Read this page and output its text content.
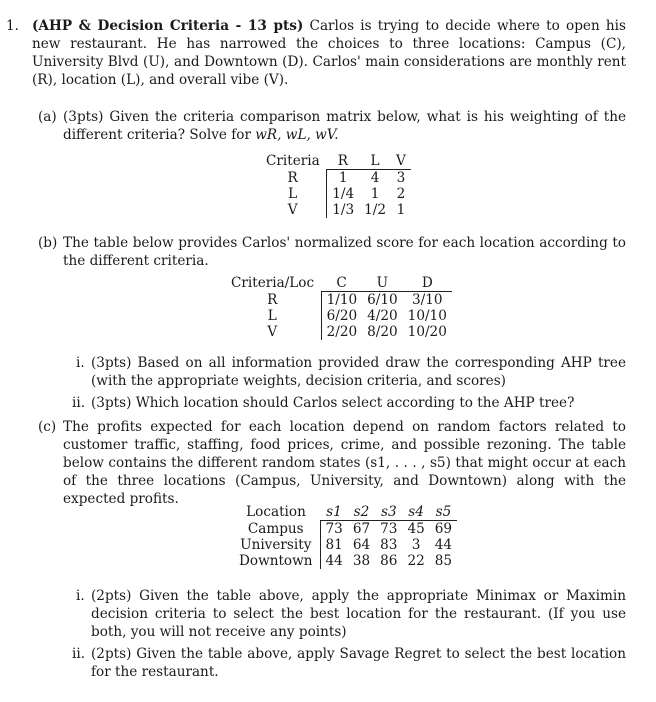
1. (AHP & Decision Criteria - 13 pts) Carlos is trying to decide where to open his new restaurant. He has narrowed the choices to three locations: Campus (C), University Blvd (U), and Downtown (D). Carlos' main considerations are monthly rent (R), location (L), and overall vibe (V).

(a) (3pts) Given the criteria comparison matrix below, what is his weighting of the different criteria? Solve for wR, wL, wV.

Criteria	R	L	V
R	1	4	3
L	1/4	1	2
V	1/3	1/2	1
(b) The table below provides Carlos' normalized score for each location according to the different criteria.

Criteria/Loc	C	U	D
R	1/10	6/10	3/10
L	6/20	4/20	10/10
V	2/20	8/20	10/20
i. (3pts) Based on all information provided draw the corresponding AHP tree (with the appropriate weights, decision criteria, and scores)

ii. (3pts) Which location should Carlos select according to the AHP tree?

(c) The profits expected for each location depend on random factors related to customer traffic, staffing, food prices, crime, and possible rezoning. The table below contains the different random states (s1, . . . , s5) that might occur at each of the three locations (Campus, University, and Downtown) along with the expected profits.

Location	s1	s2	s3	s4	s5
Campus	73	67	73	45	69
University	81	64	83	3	44
Downtown	44	38	86	22	85
i. (2pts) Given the table above, apply the appropriate Minimax or Maximin decision criteria to select the best location for the restaurant. (If you use both, you will not receive any points)

ii. (2pts) Given the table above, apply Savage Regret to select the best location for the restaurant.
